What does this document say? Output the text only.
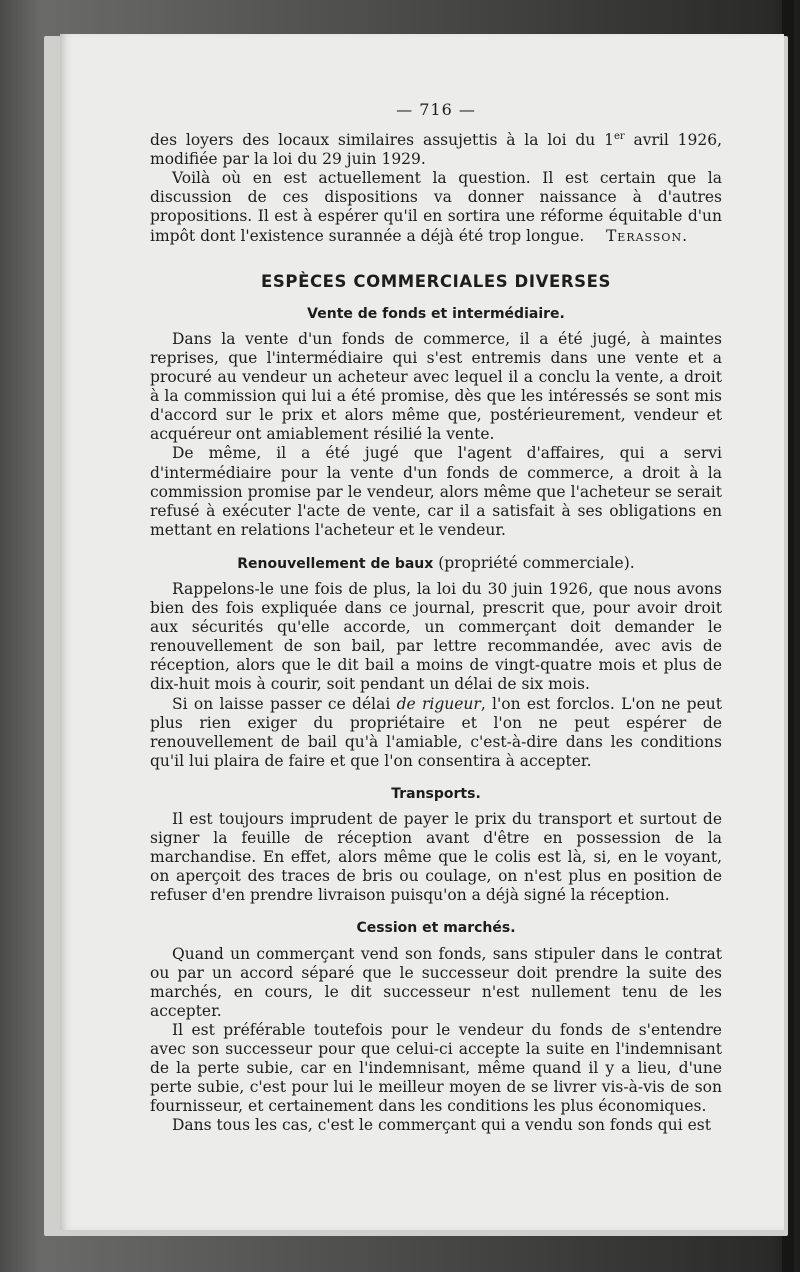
— 716 —

des loyers des locaux similaires assujettis à la loi du 1er avril 1926, modifiée par la loi du 29 juin 1929.

Voilà où en est actuellement la question. Il est certain que la discussion de ces dispositions va donner naissance à d'autres propositions. Il est à espérer qu'il en sortira une réforme équitable d'un impôt dont l'existence surannée a déjà été trop longue.	Terasson.

ESPÈCES COMMERCIALES DIVERSES
Vente de fonds et intermédiaire.

Dans la vente d'un fonds de commerce, il a été jugé, à maintes reprises, que l'intermédiaire qui s'est entremis dans une vente et a procuré au vendeur un acheteur avec lequel il a conclu la vente, a droit à la commission qui lui a été promise, dès que les intéressés se sont mis d'accord sur le prix et alors même que, postérieurement, vendeur et acquéreur ont amiablement résilié la vente.

De même, il a été jugé que l'agent d'affaires, qui a servi d'intermédiaire pour la vente d'un fonds de commerce, a droit à la commission promise par le vendeur, alors même que l'acheteur se serait refusé à exécuter l'acte de vente, car il a satisfait à ses obligations en mettant en relations l'acheteur et le vendeur.

Renouvellement de baux (propriété commerciale).

Rappelons-le une fois de plus, la loi du 30 juin 1926, que nous avons bien des fois expliquée dans ce journal, prescrit que, pour avoir droit aux sécurités qu'elle accorde, un commerçant doit demander le renouvellement de son bail, par lettre recommandée, avec avis de réception, alors que le dit bail a moins de vingt-quatre mois et plus de dix-huit mois à courir, soit pendant un délai de six mois.

Si on laisse passer ce délai de rigueur, l'on est forclos. L'on ne peut plus rien exiger du propriétaire et l'on ne peut espérer de renouvellement de bail qu'à l'amiable, c'est-à-dire dans les conditions qu'il lui plaira de faire et que l'on consentira à accepter.

Transports.

Il est toujours imprudent de payer le prix du transport et surtout de signer la feuille de réception avant d'être en possession de la marchandise. En effet, alors même que le colis est là, si, en le voyant, on aperçoit des traces de bris ou coulage, on n'est plus en position de refuser d'en prendre livraison puisqu'on a déjà signé la réception.

Cession et marchés.

Quand un commerçant vend son fonds, sans stipuler dans le contrat ou par un accord séparé que le successeur doit prendre la suite des marchés, en cours, le dit successeur n'est nullement tenu de les accepter.

Il est préférable toutefois pour le vendeur du fonds de s'entendre avec son successeur pour que celui-ci accepte la suite en l'indemnisant de la perte subie, car en l'indemnisant, même quand il y a lieu, d'une perte subie, c'est pour lui le meilleur moyen de se livrer vis-à-vis de son fournisseur, et certainement dans les conditions les plus économiques.

Dans tous les cas, c'est le commerçant qui a vendu son fonds qui est
